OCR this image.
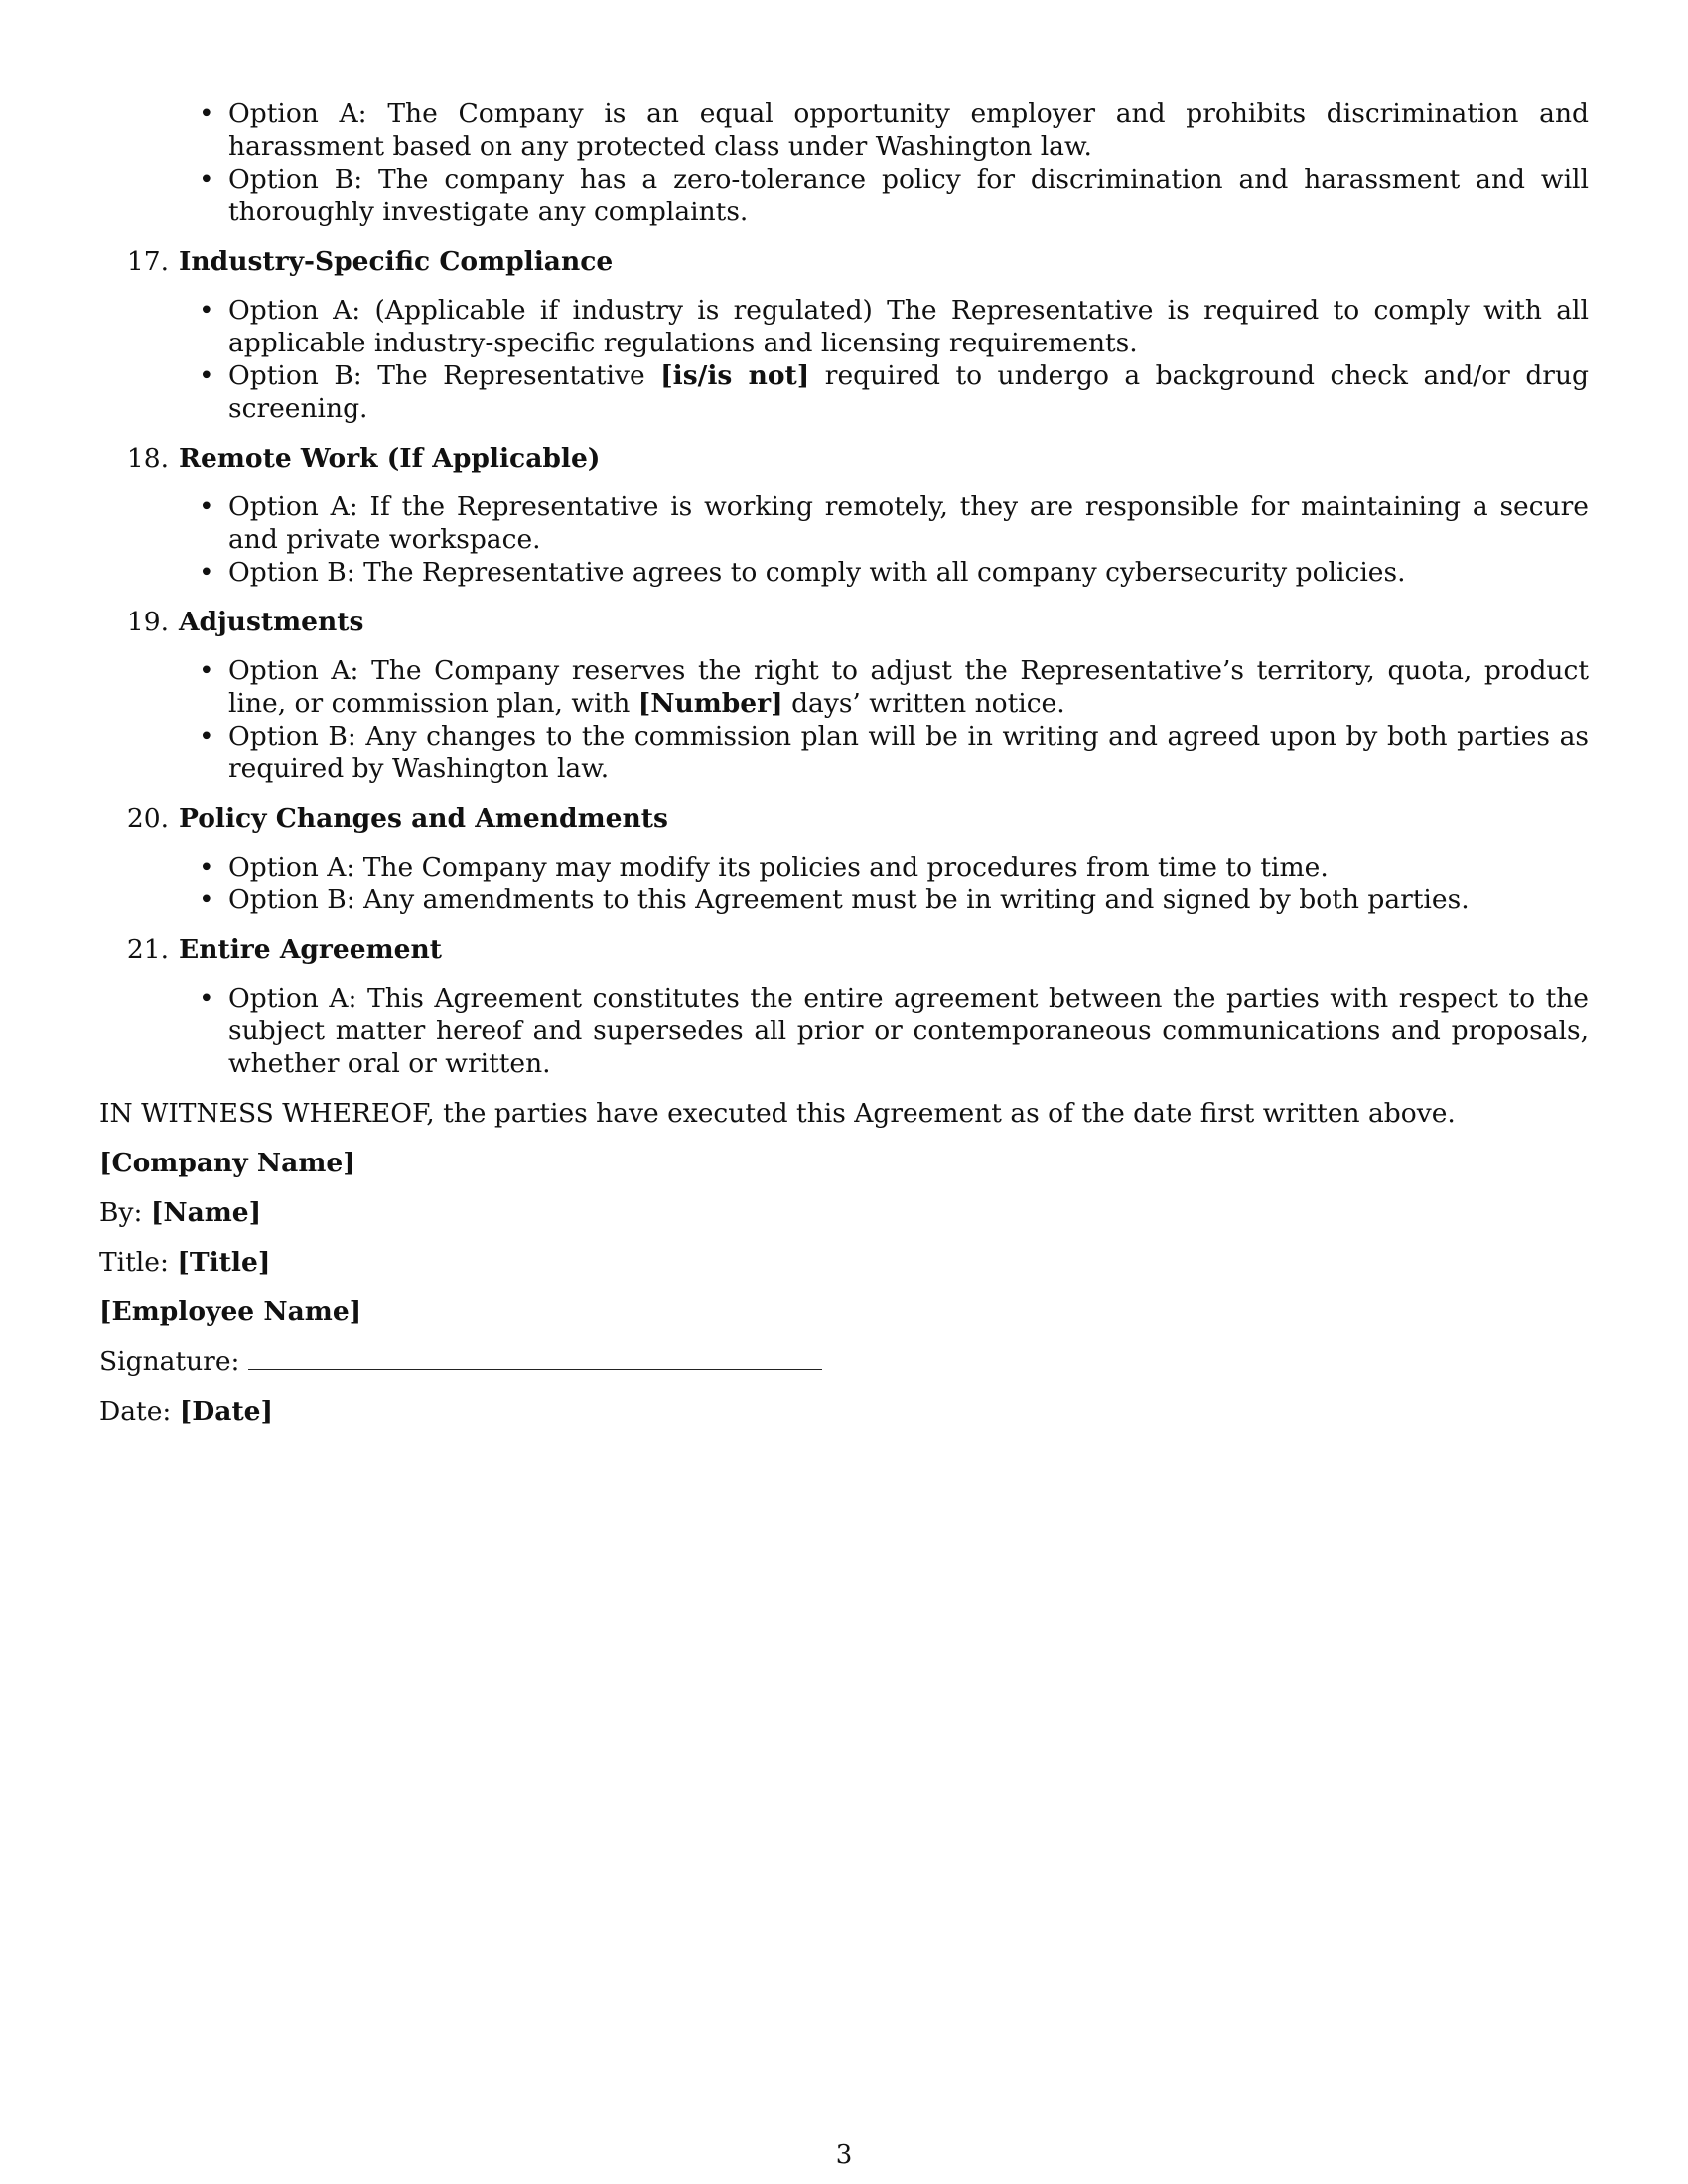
• Option A: The Company is an equal opportunity employer and prohibits discrimination and harassment based on any protected class under Washington law.
• Option B: The company has a zero-tolerance policy for discrimination and harassment and will thoroughly investigate any complaints.
17. Industry-Specific Compliance
• Option A: (Applicable if industry is regulated) The Representative is required to comply with all applicable industry-specific regulations and licensing requirements.
• Option B: The Representative [is/is not] required to undergo a background check and/or drug screening.
18. Remote Work (If Applicable)
• Option A: If the Representative is working remotely, they are responsible for maintaining a secure and private workspace.
• Option B: The Representative agrees to comply with all company cybersecurity policies.
19. Adjustments
• Option A: The Company reserves the right to adjust the Representative’s territory, quota, product line, or commission plan, with [Number] days’ written notice.
• Option B: Any changes to the commission plan will be in writing and agreed upon by both parties as required by Washington law.
20. Policy Changes and Amendments
• Option A: The Company may modify its policies and procedures from time to time.
• Option B: Any amendments to this Agreement must be in writing and signed by both parties.
21. Entire Agreement
• Option A: This Agreement constitutes the entire agreement between the parties with respect to the subject matter hereof and supersedes all prior or contemporaneous communications and proposals, whether oral or written.

IN WITNESS WHEREOF, the parties have executed this Agreement as of the date first written above.

[Company Name]

By: [Name]

Title: [Title]

[Employee Name]

Signature:

Date: [Date]

3
